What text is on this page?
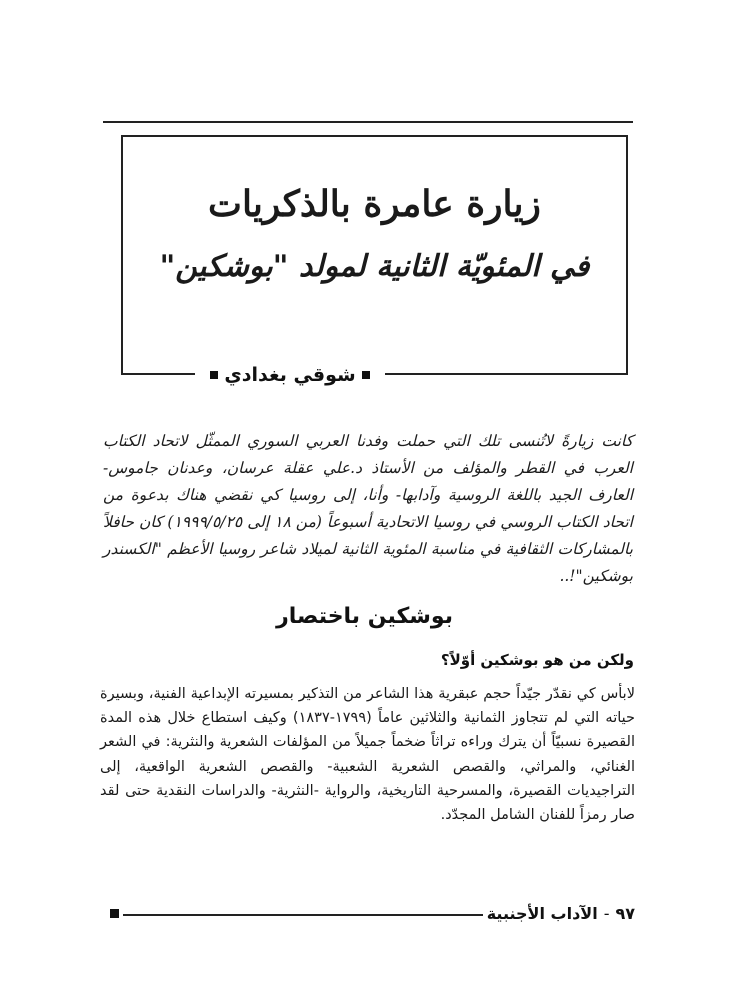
زيارة عامرة بالذكريات
في المئويّة الثانية لمولد "بوشكين"
شوقي بغدادي
كانت زيارةً لاتُنسى تلك التي حملت وفدنا العربي السوري الممثّل لاتحاد الكتاب العرب في القطر والمؤلف من الأستاذ د.علي عقلة عرسان، وعدنان جاموس- العارف الجيد باللغة الروسية وآدابها- وأنا، إلى روسيا كي نقضي هناك بدعوة من اتحاد الكتاب الروسي في روسيا الاتحادية أسبوعاً (من ١٨ إلى ١٩٩٩/٥/٢٥) كان حافلاً بالمشاركات الثقافية في مناسبة المئوية الثانية لميلاد شاعر روسيا الأعظم "الكسندر بوشكين"!..
بوشكين باختصار
ولكن من هو بوشكين أوّلاً؟
لابأس كي نقدّر جيّداً حجم عبقرية هذا الشاعر من التذكير بمسيرته الإبداعية الفنية، وبسيرة حياته التي لم تتجاوز الثمانية والثلاثين عاماً (١٧٩٩-١٨٣٧) وكيف استطاع خلال هذه المدة القصيرة نسبيّاً أن يترك وراءه تراثاً ضخماً جميلاً من المؤلفات الشعرية والنثرية: في الشعر الغنائي، والمراثي، والقصص الشعرية الشعبية- والقصص الشعرية الواقعية، إلى التراجيديات القصيرة، والمسرحية التاريخية، والرواية -النثرية- والدراسات النقدية حتى لقد صار رمزاً للفنان الشامل المجدّد.
٩٧
-
الآداب الأجنبية
